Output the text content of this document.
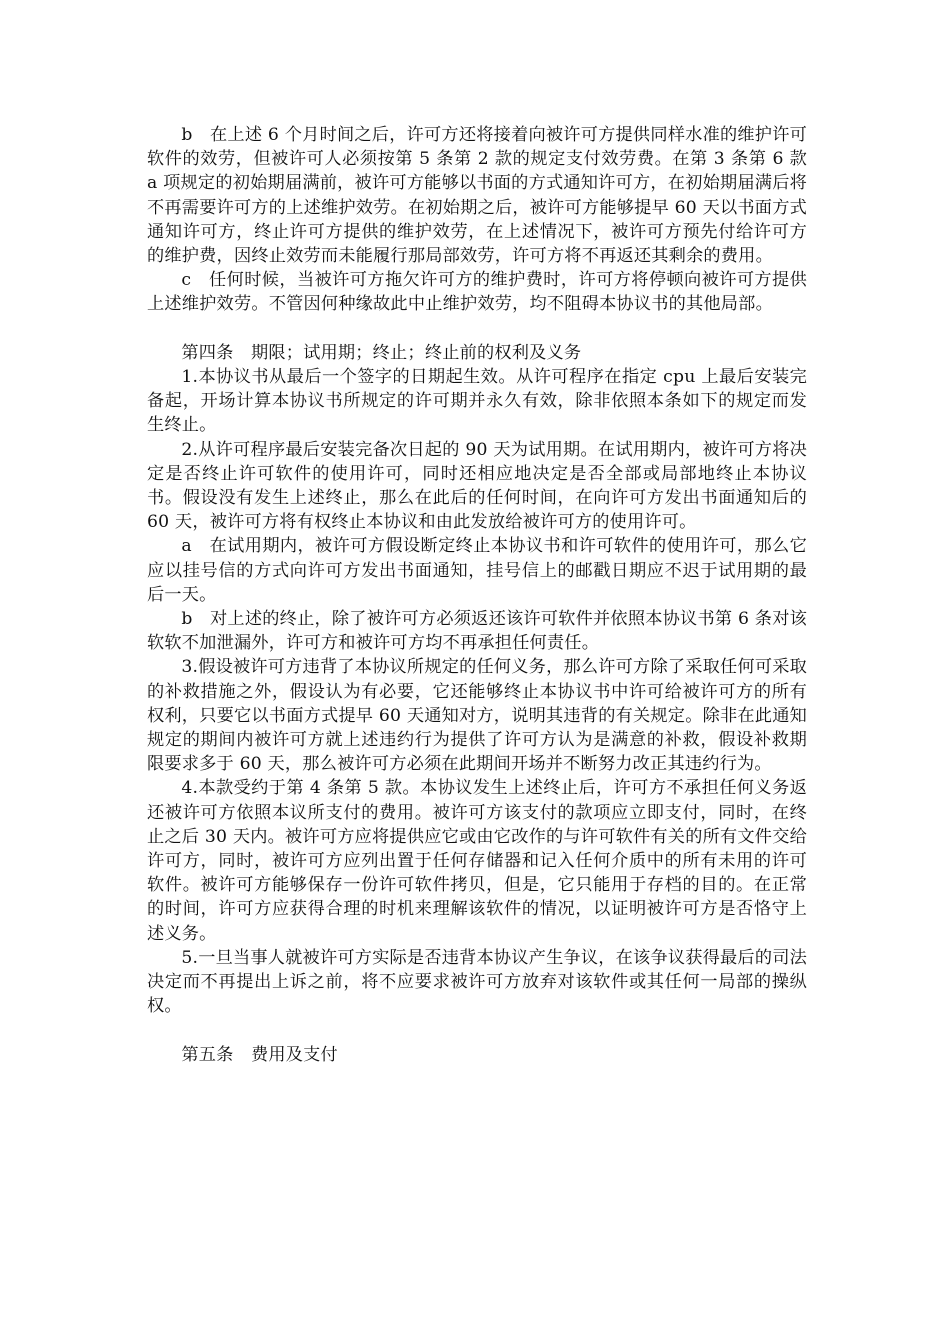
b　在上述 6 个月时间之后，许可方还将接着向被许可方提供同样水准的维护许可软件的效劳，但被许可人必须按第 5 条第 2 款的规定支付效劳费。在第 3 条第 6 款 a 项规定的初始期届满前，被许可方能够以书面的方式通知许可方，在初始期届满后将不再需要许可方的上述维护效劳。在初始期之后，被许可方能够提早 60 天以书面方式通知许可方，终止许可方提供的维护效劳，在上述情况下，被许可方预先付给许可方的维护费，因终止效劳而未能履行那局部效劳，许可方将不再返还其剩余的费用。

c　任何时候，当被许可方拖欠许可方的维护费时，许可方将停顿向被许可方提供上述维护效劳。不管因何种缘故此中止维护效劳，均不阻碍本协议书的其他局部。

第四条　期限；试用期；终止；终止前的权利及义务

1.本协议书从最后一个签字的日期起生效。从许可程序在指定 cpu 上最后安装完备起，开场计算本协议书所规定的许可期并永久有效，除非依照本条如下的规定而发生终止。

2.从许可程序最后安装完备次日起的 90 天为试用期。在试用期内，被许可方将决定是否终止许可软件的使用许可，同时还相应地决定是否全部或局部地终止本协议书。假设没有发生上述终止，那么在此后的任何时间，在向许可方发出书面通知后的 60 天，被许可方将有权终止本协议和由此发放给被许可方的使用许可。

a　在试用期内，被许可方假设断定终止本协议书和许可软件的使用许可，那么它应以挂号信的方式向许可方发出书面通知，挂号信上的邮戳日期应不迟于试用期的最后一天。

b　对上述的终止，除了被许可方必须返还该许可软件并依照本协议书第 6 条对该软软不加泄漏外，许可方和被许可方均不再承担任何责任。

3.假设被许可方违背了本协议所规定的任何义务，那么许可方除了采取任何可采取的补救措施之外，假设认为有必要，它还能够终止本协议书中许可给被许可方的所有权利，只要它以书面方式提早 60 天通知对方，说明其违背的有关规定。除非在此通知规定的期间内被许可方就上述违约行为提供了许可方认为是满意的补救，假设补救期限要求多于 60 天，那么被许可方必须在此期间开场并不断努力改正其违约行为。

4.本款受约于第 4 条第 5 款。本协议发生上述终止后，许可方不承担任何义务返还被许可方依照本议所支付的费用。被许可方该支付的款项应立即支付，同时，在终止之后 30 天内。被许可方应将提供应它或由它改作的与许可软件有关的所有文件交给许可方，同时，被许可方应列出置于任何存储器和记入任何介质中的所有未用的许可软件。被许可方能够保存一份许可软件拷贝，但是，它只能用于存档的目的。在正常的时间，许可方应获得合理的时机来理解该软件的情况，以证明被许可方是否恪守上述义务。

5.一旦当事人就被许可方实际是否违背本协议产生争议，在该争议获得最后的司法决定而不再提出上诉之前，将不应要求被许可方放弃对该软件或其任何一局部的操纵权。

第五条　费用及支付
